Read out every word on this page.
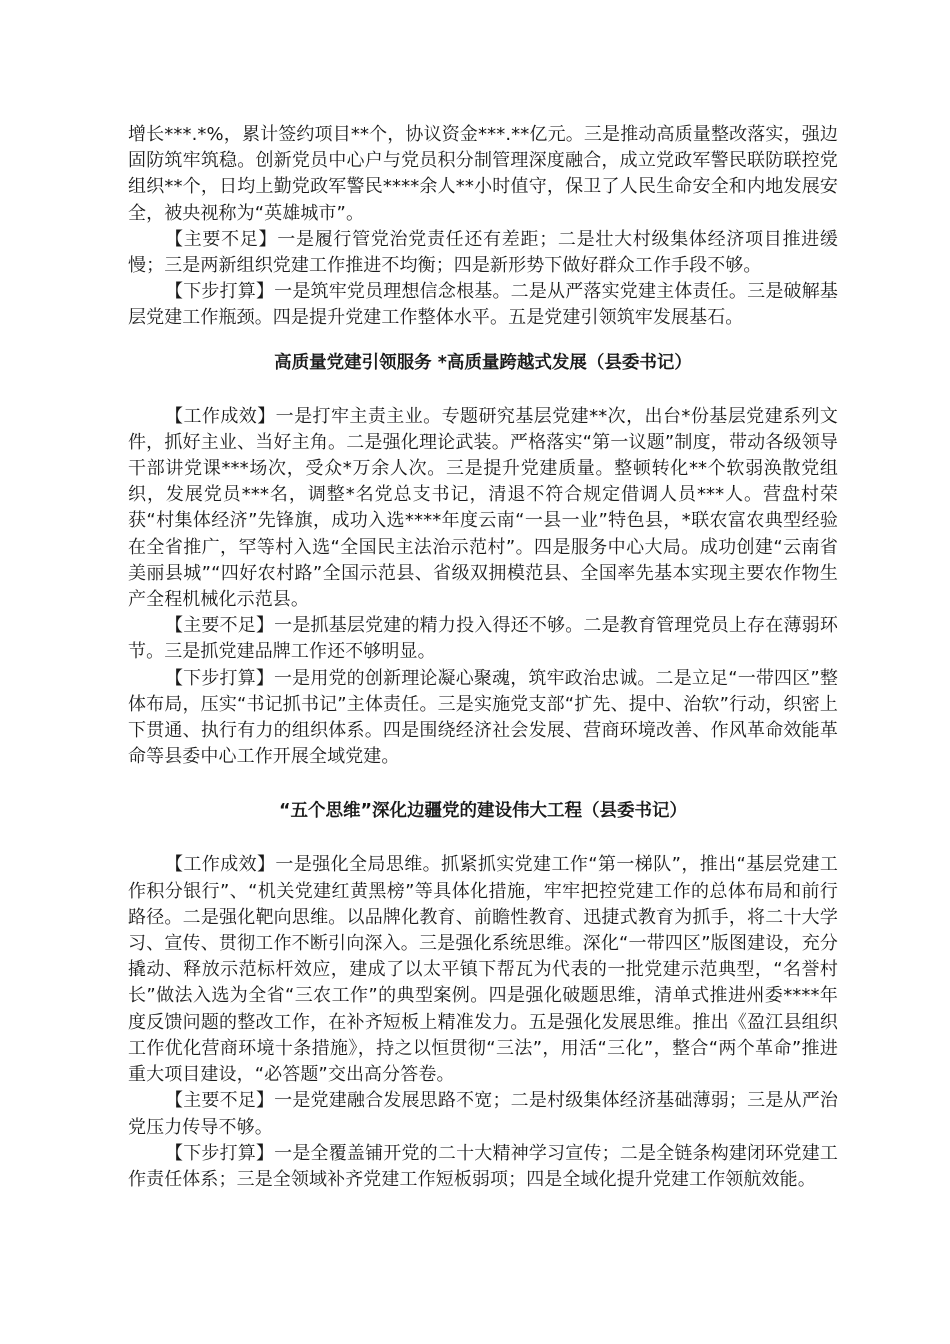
增长***.*%，累计签约项目**个，协议资金***.**亿元。三是推动高质量整改落实，强边固防筑牢筑稳。创新党员中心户与党员积分制管理深度融合，成立党政军警民联防联控党组织**个，日均上勤党政军警民****余人**小时值守，保卫了人民生命安全和内地发展安全，被央视称为“英雄城市”。

【主要不足】一是履行管党治党责任还有差距；二是壮大村级集体经济项目推进缓慢；三是两新组织党建工作推进不均衡；四是新形势下做好群众工作手段不够。

【下步打算】一是筑牢党员理想信念根基。二是从严落实党建主体责任。三是破解基层党建工作瓶颈。四是提升党建工作整体水平。五是党建引领筑牢发展基石。

高质量党建引领服务 *高质量跨越式发展（县委书记）

【工作成效】一是打牢主责主业。专题研究基层党建**次，出台*份基层党建系列文件，抓好主业、当好主角。二是强化理论武装。严格落实“第一议题”制度，带动各级领导干部讲党课***场次，受众*万余人次。三是提升党建质量。整顿转化**个软弱涣散党组织，发展党员***名，调整*名党总支书记，清退不符合规定借调人员***人。营盘村荣获“村集体经济”先锋旗，成功入选****年度云南“一县一业”特色县，*联农富农典型经验在全省推广，罕等村入选“全国民主法治示范村”。四是服务中心大局。成功创建“云南省美丽县城”“四好农村路”全国示范县、省级双拥模范县、全国率先基本实现主要农作物生产全程机械化示范县。

【主要不足】一是抓基层党建的精力投入得还不够。二是教育管理党员上存在薄弱环节。三是抓党建品牌工作还不够明显。

【下步打算】一是用党的创新理论凝心聚魂，筑牢政治忠诚。二是立足“一带四区”整体布局，压实“书记抓书记”主体责任。三是实施党支部“扩先、提中、治软”行动，织密上下贯通、执行有力的组织体系。四是围绕经济社会发展、营商环境改善、作风革命效能革命等县委中心工作开展全域党建。

“五个思维”深化边疆党的建设伟大工程（县委书记）

【工作成效】一是强化全局思维。抓紧抓实党建工作“第一梯队”，推出“基层党建工作积分银行”、“机关党建红黄黑榜”等具体化措施，牢牢把控党建工作的总体布局和前行路径。二是强化靶向思维。以品牌化教育、前瞻性教育、迅捷式教育为抓手，将二十大学习、宣传、贯彻工作不断引向深入。三是强化系统思维。深化“一带四区”版图建设，充分撬动、释放示范标杆效应，建成了以太平镇下帮瓦为代表的一批党建示范典型，“名誉村长”做法入选为全省“三农工作”的典型案例。四是强化破题思维，清单式推进州委****年度反馈问题的整改工作，在补齐短板上精准发力。五是强化发展思维。推出《盈江县组织工作优化营商环境十条措施》，持之以恒贯彻“三法”，用活“三化”，整合“两个革命”推进重大项目建设，“必答题”交出高分答卷。

【主要不足】一是党建融合发展思路不宽；二是村级集体经济基础薄弱；三是从严治党压力传导不够。

【下步打算】一是全覆盖铺开党的二十大精神学习宣传；二是全链条构建闭环党建工作责任体系；三是全领域补齐党建工作短板弱项；四是全域化提升党建工作领航效能。
